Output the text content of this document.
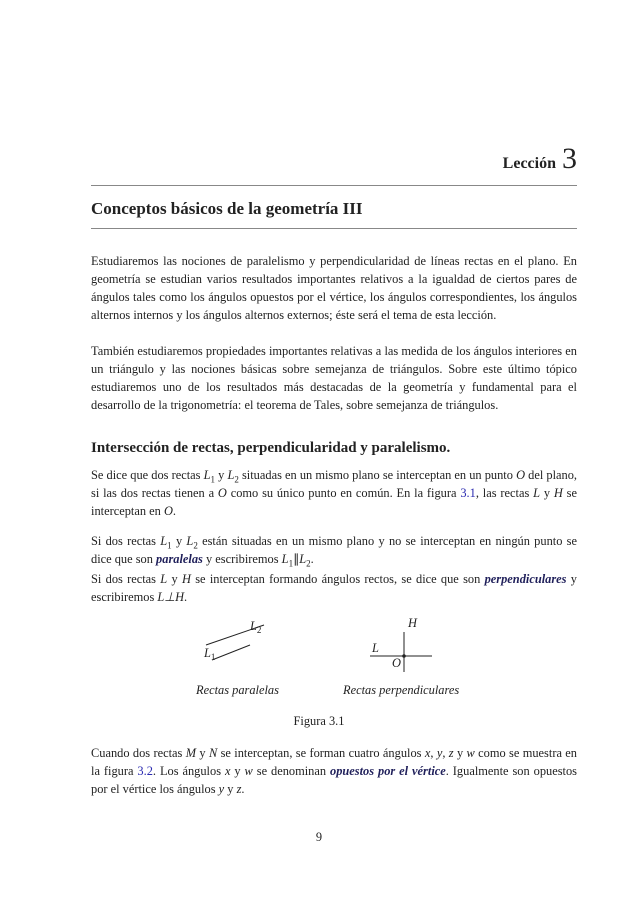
Lección 3
Conceptos básicos de la geometría III

Estudiaremos las nociones de paralelismo y perpendicularidad de líneas rectas en el plano. En geometría se estudian varios resultados importantes relativos a la igualdad de ciertos pares de ángulos tales como los ángulos opuestos por el vértice, los ángulos correspondientes, los ángulos alternos internos y los ángulos alternos externos; éste será el tema de esta lección.

También estudiaremos propiedades importantes relativas a las medida de los ángulos interiores en un triángulo y las nociones básicas sobre semejanza de triángulos. Sobre este último tópico estudiaremos uno de los resultados más destacadas de la geometría y fundamental para el desarrollo de la trigonometría: el teorema de Tales, sobre semejanza de triángulos.

Intersección de rectas, perpendicularidad y paralelismo.

Se dice que dos rectas $L_1$ y $L_2$ situadas en un mismo plano se interceptan en un punto O del plano, si las dos rectas tienen a O como su único punto en común. En la figura 3.1, las rectas L y H se interceptan en O.

Si dos rectas $L_1$ y $L_2$ están situadas en un mismo plano y no se interceptan en ningún punto se dice que son paralelas y escribiremos $L_1\parallel L_2$.

Si dos rectas L y H se interceptan formando ángulos rectos, se dice que son perpendiculares y escribiremos L⊥H.

$L_2$
$L_1$
H
L
O
Rectas paralelas	Rectas perpendiculares
Figura 3.1

Cuando dos rectas M y N se interceptan, se forman cuatro ángulos x, y, z y w como se muestra en la figura 3.2. Los ángulos x y w se denominan opuestos por el vértice. Igualmente son opuestos por el vértice los ángulos y y z.

9
